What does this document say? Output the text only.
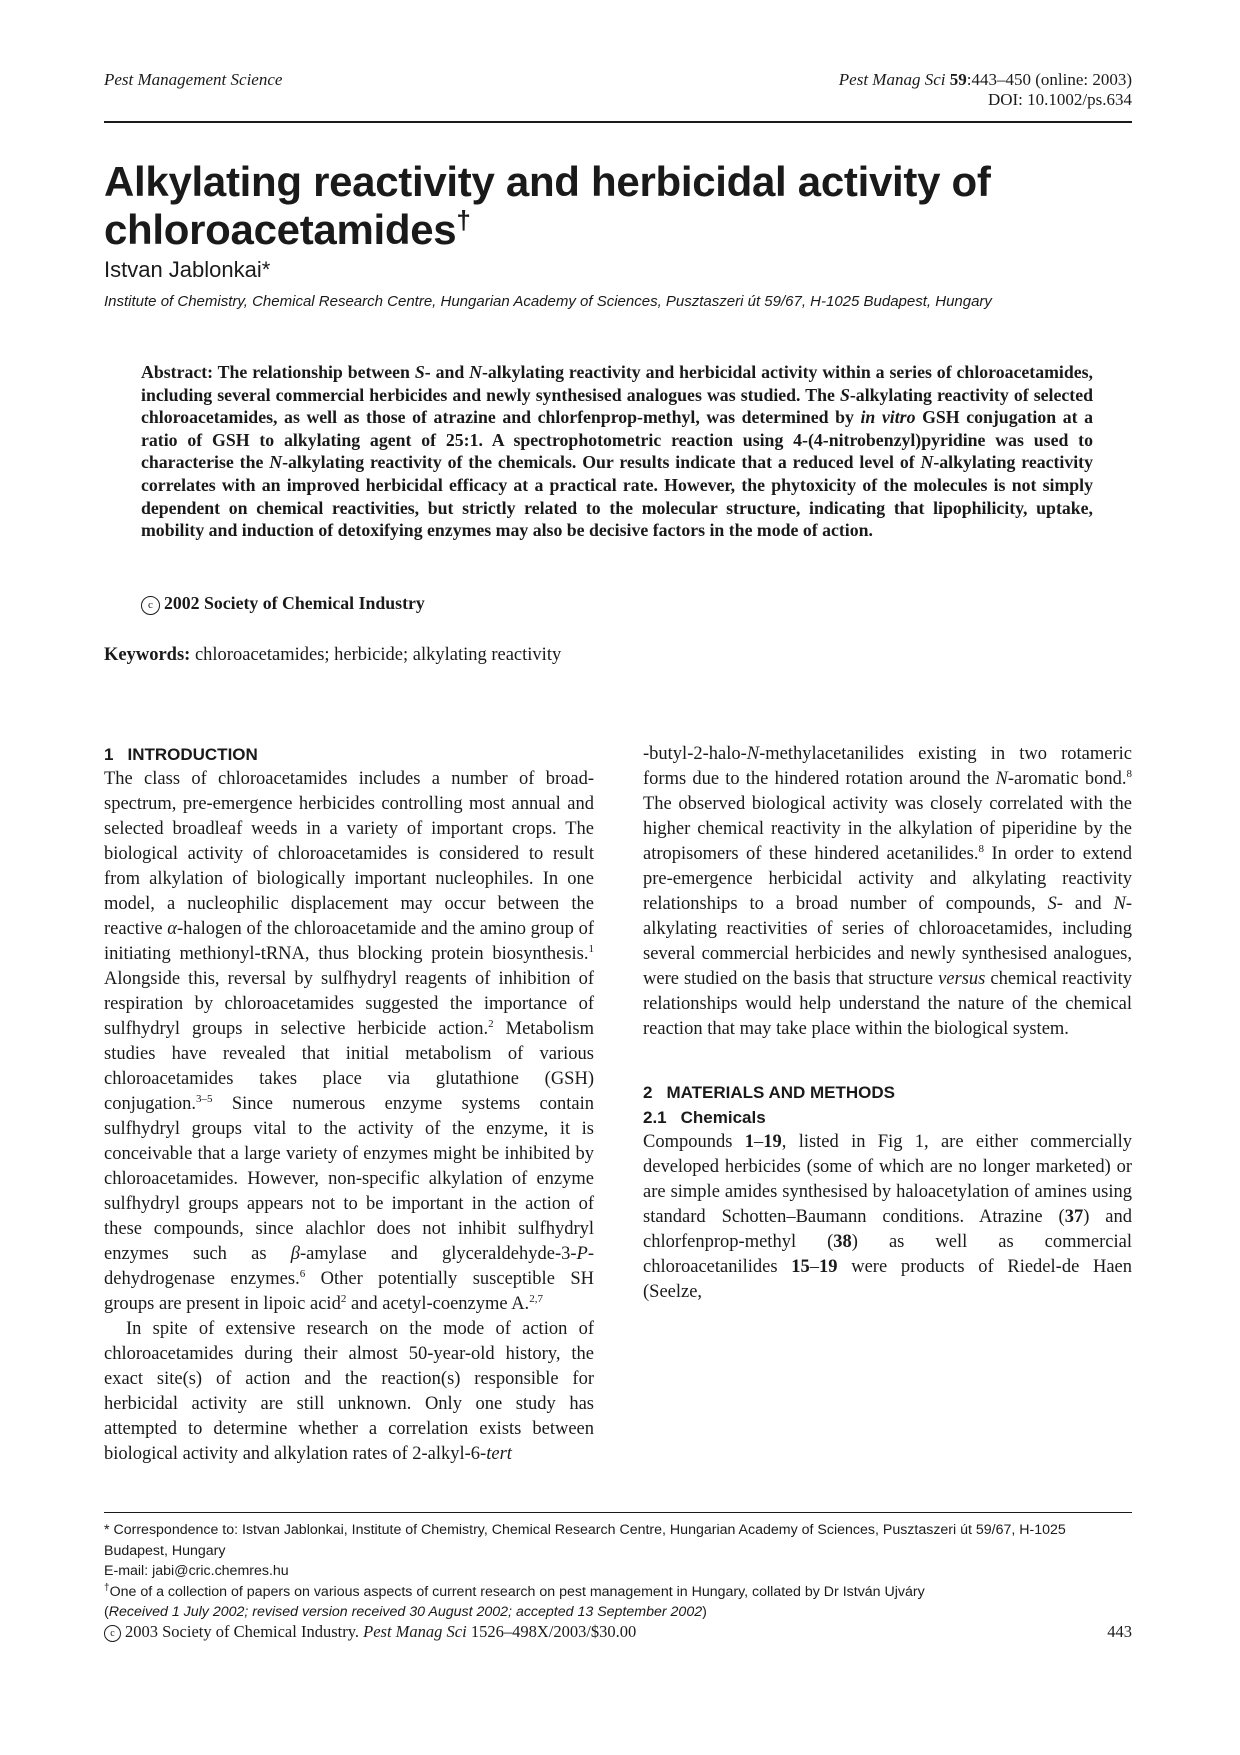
Pest Management Science	Pest Manag Sci 59:443–450 (online: 2003)
DOI: 10.1002/ps.634
Alkylating reactivity and herbicidal activity of chloroacetamides†
Istvan Jablonkai*
Institute of Chemistry, Chemical Research Centre, Hungarian Academy of Sciences, Pusztaszeri út 59/67, H-1025 Budapest, Hungary

Abstract: The relationship between S- and N-alkylating reactivity and herbicidal activity within a series of chloroacetamides, including several commercial herbicides and newly synthesised analogues was studied. The S-alkylating reactivity of selected chloroacetamides, as well as those of atrazine and chlorfenprop-methyl, was determined by in vitro GSH conjugation at a ratio of GSH to alkylating agent of 25:1. A spectrophotometric reaction using 4-(4-nitrobenzyl)pyridine was used to characterise the N-alkylating reactivity of the chemicals. Our results indicate that a reduced level of N-alkylating reactivity correlates with an improved herbicidal efficacy at a practical rate. However, the phytoxicity of the molecules is not simply dependent on chemical reactivities, but strictly related to the molecular structure, indicating that lipophilicity, uptake, mobility and induction of detoxifying enzymes may also be decisive factors in the mode of action.

c 2002 Society of Chemical Industry
Keywords: chloroacetamides; herbicide; alkylating reactivity
1 INTRODUCTION

The class of chloroacetamides includes a number of broad-spectrum, pre-emergence herbicides controlling most annual and selected broadleaf weeds in a variety of important crops. The biological activity of chloroacetamides is considered to result from alkylation of biologically important nucleophiles. In one model, a nucleophilic displacement may occur between the reactive α-halogen of the chloroacetamide and the amino group of initiating methionyl-tRNA, thus blocking protein biosynthesis.$^1$ Alongside this, reversal by sulfhydryl reagents of inhibition of respiration by chloroacetamides suggested the importance of sulfhydryl groups in selective herbicide action.$^2$ Metabolism studies have revealed that initial metabolism of various chloroacetamides takes place via glutathione (GSH) conjugation.$^{3-5}$ Since numerous enzyme systems contain sulfhydryl groups vital to the activity of the enzyme, it is conceivable that a large variety of enzymes might be inhibited by chloroacetamides. However, non-specific alkylation of enzyme sulfhydryl groups appears not to be important in the action of these compounds, since alachlor does not inhibit sulfhydryl enzymes such as β-amylase and glyceraldehyde-3-P-dehydrogenase enzymes.$^6$ Other potentially susceptible SH groups are present in lipoic acid$^2$ and acetyl-coenzyme A.$^{2,7}$

In spite of extensive research on the mode of action of chloroacetamides during their almost 50-year-old history, the exact site(s) of action and the reaction(s) responsible for herbicidal activity are still unknown. Only one study has attempted to determine whether a correlation exists between biological activity and alkylation rates of 2-alkyl-6-tert

2 MATERIALS AND METHODS
2.1 Chemicals

Compounds 1–19, listed in Fig 1, are either commercially developed herbicides (some of which are no longer marketed) or are simple amides synthesised by haloacetylation of amines using standard Schotten–Baumann conditions. Atrazine (37) and chlorfenprop-methyl (38) as well as commercial chloroacetanilides 15–19 were products of Riedel-de Haen (Seelze,

* Correspondence to: Istvan Jablonkai, Institute of Chemistry, Chemical Research Centre, Hungarian Academy of Sciences, Pusztaszeri út 59/67, H-1025 Budapest, Hungary

E-mail: jabi@cric.chemres.hu

†One of a collection of papers on various aspects of current research on pest management in Hungary, collated by Dr István Ujváry

(Received 1 July 2002; revised version received 30 August 2002; accepted 13 September 2002)

c 2003 Society of Chemical Industry. Pest Manag Sci 1526–498X/2003/$30.00	443

-butyl-2-halo-N-methylacetanilides existing in two rotameric forms due to the hindered rotation around the N-aromatic bond.$^8$ The observed biological activity was closely correlated with the higher chemical reactivity in the alkylation of piperidine by the atropisomers of these hindered acetanilides.$^8$ In order to extend pre-emergence herbicidal activity and alkylating reactivity relationships to a broad number of compounds, S- and N-alkylating reactivities of series of chloroacetamides, including several commercial herbicides and newly synthesised analogues, were studied on the basis that structure versus chemical reactivity relationships would help understand the nature of the chemical reaction that may take place within the biological system.
